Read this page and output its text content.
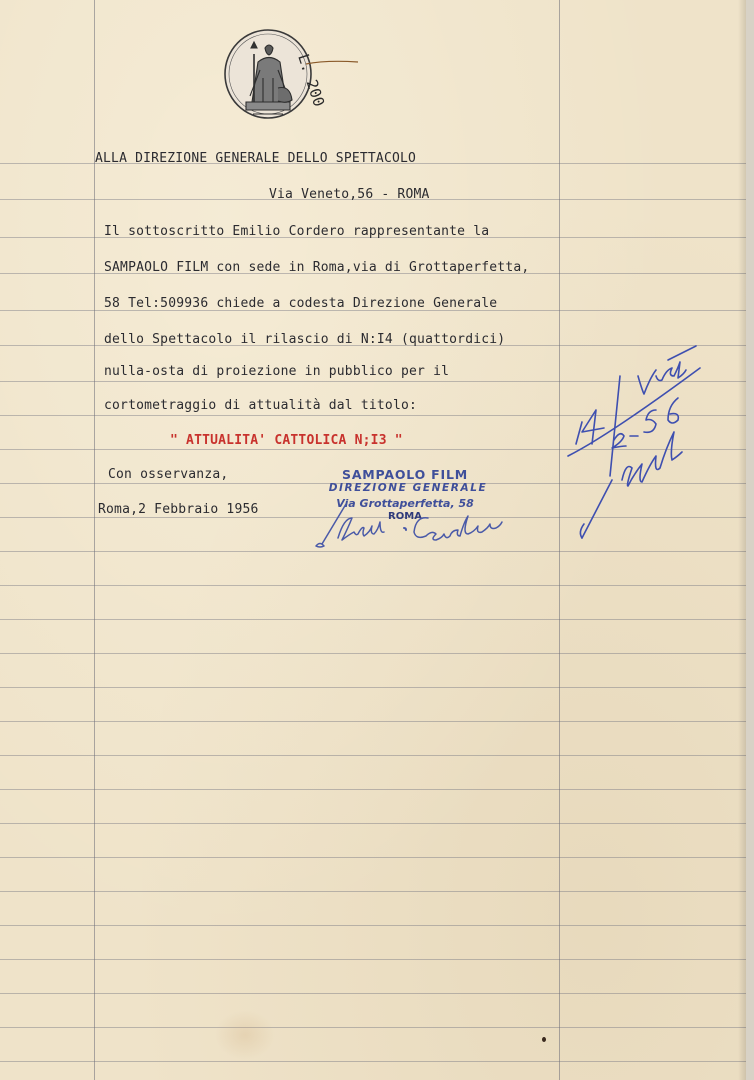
L. 200
ALLA DIREZIONE GENERALE DELLO SPETTACOLO
Via Veneto,56 - ROMA
Il sottoscritto Emilio Cordero rappresentante la
SAMPAOLO FILM con sede in Roma,via di Grottaperfetta,
58 Tel:509936 chiede a codesta Direzione Generale
dello Spettacolo il rilascio di N:I4 (quattordici)
nulla-osta di proiezione in pubblico per il
cortometraggio di attualità dal titolo:
" ATTUALITA' CATTOLICA N;I3 "
Con osservanza,
Roma,2 Febbraio 1956
SAMPAOLO FILM
DIREZIONE GENERALE
Via Grottaperfetta, 58
ROMA
